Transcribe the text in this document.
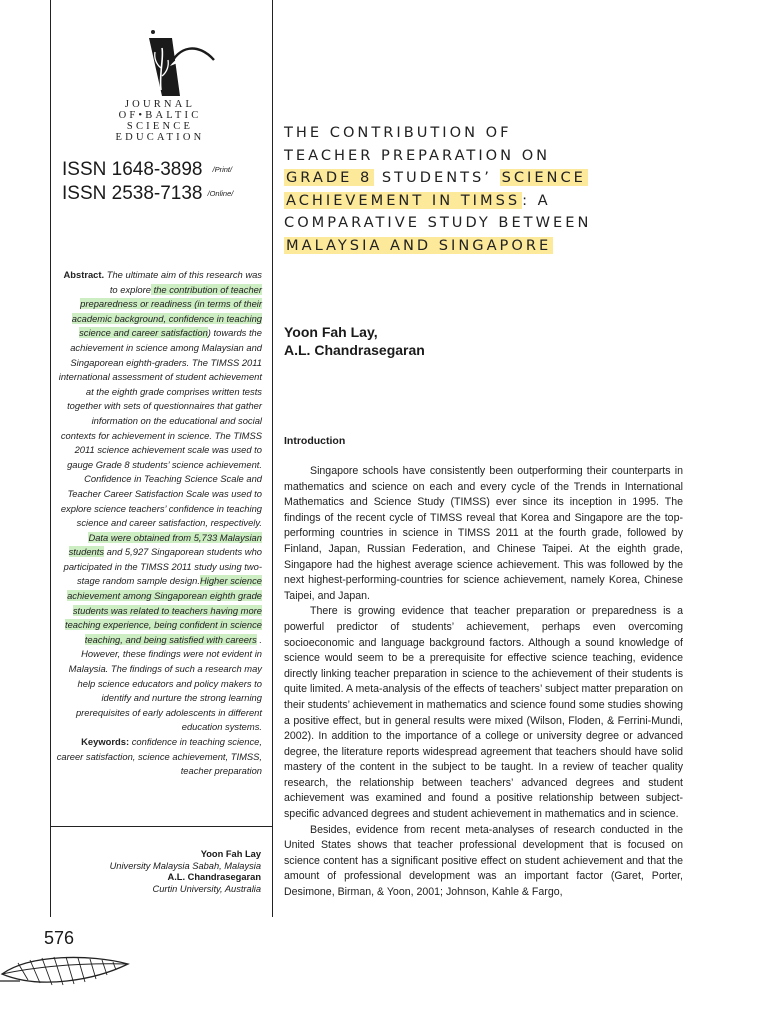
JOURNAL
OF•BALTIC
SCIENCE
EDUCATION
ISSN 1648-3898 /Print/
ISSN 2538-7138 /Online/
Abstract. The ultimate aim of this research was to explore the contribution of teacher preparedness or readiness (in terms of their academic background, confidence in teaching science and career satisfaction) towards the achievement in science among Malaysian and Singaporean eighth-graders. The TIMSS 2011 international assessment of student achievement at the eighth grade comprises written tests together with sets of questionnaires that gather information on the educational and social contexts for achievement in science. The TIMSS 2011 science achievement scale was used to gauge Grade 8 students’ science achievement. Confidence in Teaching Science Scale and Teacher Career Satisfaction Scale was used to explore science teachers’ confidence in teaching science and career satisfaction, respectively. Data were obtained from 5,733 Malaysian students and 5,927 Singaporean students who participated in the TIMSS 2011 study using two-stage random sample design.Higher science achievement among Singaporean eighth grade students was related to teachers having more teaching experience, being confident in science teaching, and being satisfied with careers . However, these findings were not evident in Malaysia. The findings of such a research may help science educators and policy makers to identify and nurture the strong learning prerequisites of early adolescents in different education systems.
Keywords: confidence in teaching science, career satisfaction, science achievement, TIMSS, teacher preparation
Yoon Fah Lay
University Malaysia Sabah, Malaysia
A.L. Chandrasegaran
Curtin University, Australia
576
THE CONTRIBUTION OF
TEACHER PREPARATION ON
GRADE 8 STUDENTS’ SCIENCE
ACHIEVEMENT IN TIMSS : A
COMPARATIVE STUDY BETWEEN
MALAYSIA AND SINGAPORE
Yoon Fah Lay,
A.L. Chandrasegaran
Introduction

Singapore schools have consistently been outperforming their counterparts in mathematics and science on each and every cycle of the Trends in International Mathematics and Science Study (TIMSS) ever since its inception in 1995. The findings of the recent cycle of TIMSS reveal that Korea and Singapore are the top-performing countries in science in TIMSS 2011 at the fourth grade, followed by Finland, Japan, Russian Federation, and Chinese Taipei. At the eighth grade, Singapore had the highest average science achievement. This was followed by the next highest-performing-countries for science achievement, namely Korea, Chinese Taipei, and Japan.

There is growing evidence that teacher preparation or preparedness is a powerful predictor of students’ achievement, perhaps even overcoming socioeconomic and language background factors. Although a sound knowledge of science would seem to be a prerequisite for effective science teaching, evidence directly linking teacher preparation in science to the achievement of their students is quite limited. A meta-analysis of the effects of teachers’ subject matter preparation on their students’ achievement in mathematics and science found some studies showing a positive effect, but in general results were mixed (Wilson, Floden, & Ferrini-Mundi, 2002). In addition to the importance of a college or university degree or advanced degree, the literature reports widespread agreement that teachers should have solid mastery of the content in the subject to be taught. In a review of teacher quality research, the relationship between teachers’ advanced degrees and student achievement was examined and found a positive relationship between subject-specific advanced degrees and student achievement in mathematics and in science.

Besides, evidence from recent meta-analyses of research conducted in the United States shows that teacher professional development that is focused on science content has a significant positive effect on student achievement and that the amount of professional development was an important factor (Garet, Porter, Desimone, Birman, & Yoon, 2001; Johnson, Kahle & Fargo,
